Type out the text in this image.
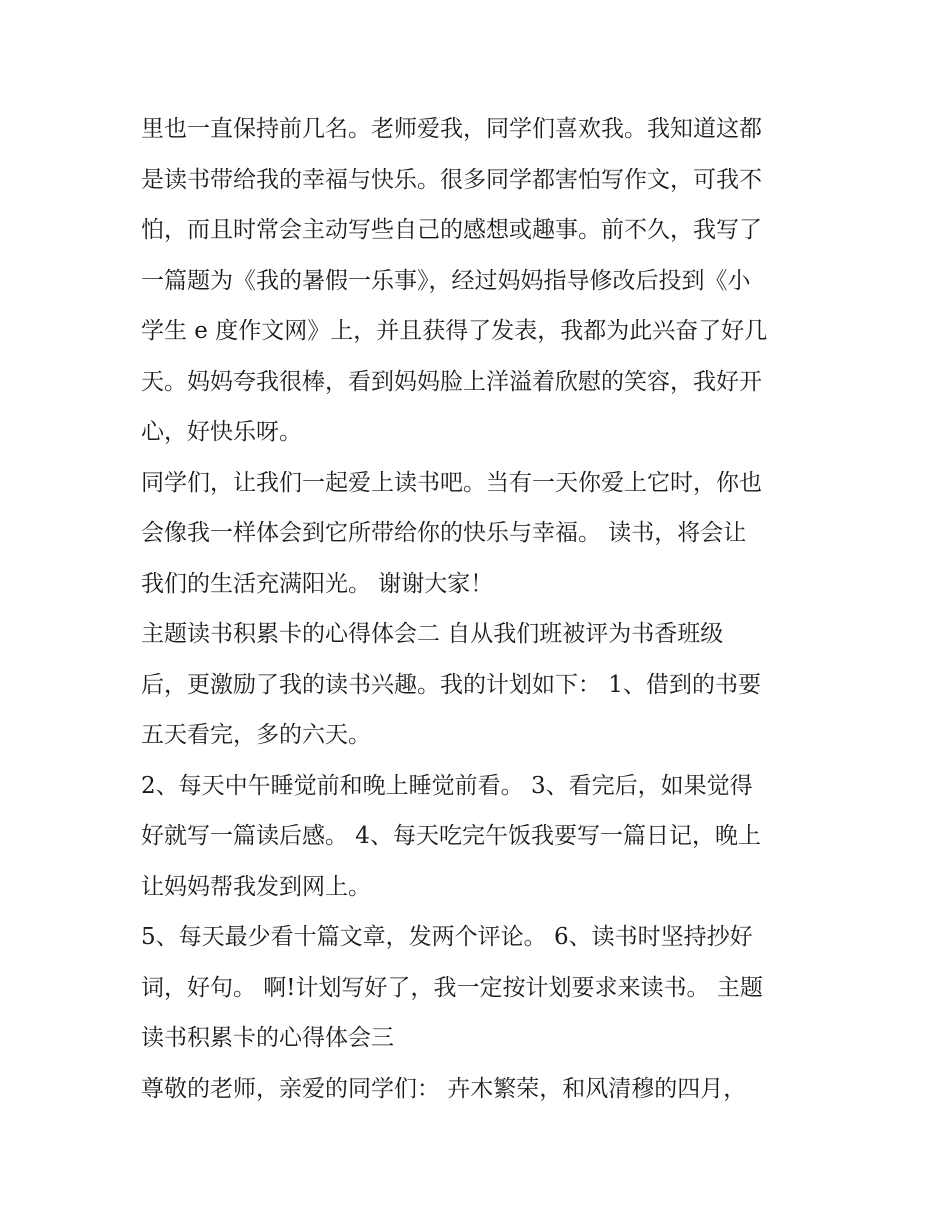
里也一直保持前几名。老师爱我，同学们喜欢我。我知道这都
是读书带给我的幸福与快乐。很多同学都害怕写作文，可我不
怕，而且时常会主动写些自己的感想或趣事。前不久，我写了
一篇题为《我的暑假一乐事》，经过妈妈指导修改后投到《小
学生 e 度作文网》上，并且获得了发表，我都为此兴奋了好几
天。妈妈夸我很棒，看到妈妈脸上洋溢着欣慰的笑容，我好开
心，好快乐呀。
同学们，让我们一起爱上读书吧。当有一天你爱上它时，你也
会像我一样体会到它所带给你的快乐与幸福。 读书，将会让
我们的生活充满阳光。 谢谢大家！
主题读书积累卡的心得体会二 自从我们班被评为书香班级
后，更激励了我的读书兴趣。我的计划如下： 1、借到的书要
五天看完，多的六天。
2、每天中午睡觉前和晚上睡觉前看。 3、看完后，如果觉得
好就写一篇读后感。 4、每天吃完午饭我要写一篇日记，晚上
让妈妈帮我发到网上。
5、每天最少看十篇文章，发两个评论。 6、读书时坚持抄好
词，好句。 啊!计划写好了，我一定按计划要求来读书。 主题
读书积累卡的心得体会三
尊敬的老师，亲爱的同学们： 卉木繁荣，和风清穆的四月，
